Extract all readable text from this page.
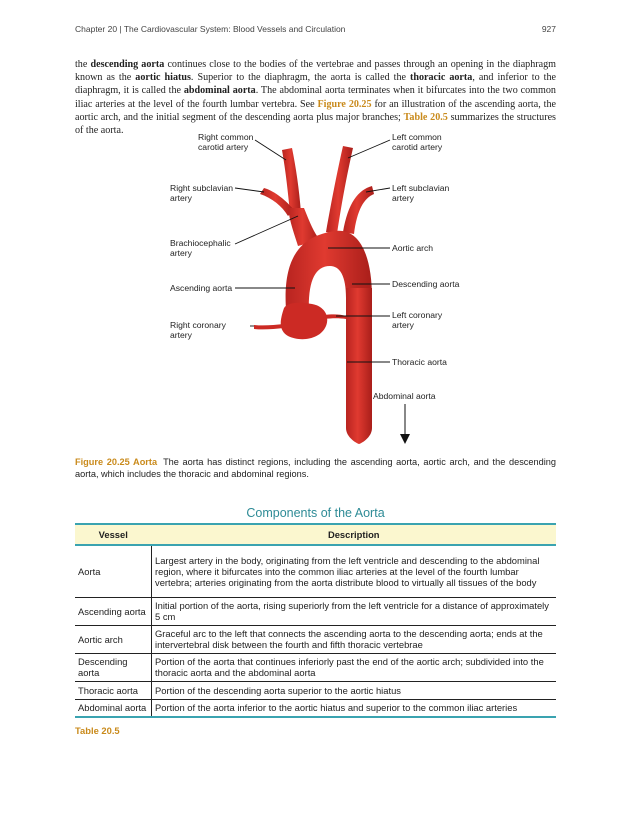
Chapter 20 | The Cardiovascular System: Blood Vessels and Circulation	927

the descending aorta continues close to the bodies of the vertebrae and passes through an opening in the diaphragm known as the aortic hiatus. Superior to the diaphragm, the aorta is called the thoracic aorta, and inferior to the diaphragm, it is called the abdominal aorta. The abdominal aorta terminates when it bifurcates into the two common iliac arteries at the level of the fourth lumbar vertebra. See Figure 20.25 for an illustration of the ascending aorta, the aortic arch, and the initial segment of the descending aorta plus major branches; Table 20.5 summarizes the structures of the aorta.

Right common
carotid artery
Left common
carotid artery
Right subclavian
artery
Left subclavian
artery
Brachiocephalic
artery
Aortic arch
Ascending aorta	Descending aorta
Right coronary
artery
Left coronary
artery
Thoracic aorta
Abdominal aorta

Figure 20.25 Aorta The aorta has distinct regions, including the ascending aorta, aortic arch, and the descending aorta, which includes the thoracic and abdominal regions.

Components of the Aorta
Vessel	Description
Aorta	Largest artery in the body, originating from the left ventricle and descending to the abdominal region, where it bifurcates into the common iliac arteries at the level of the fourth lumbar vertebra; arteries originating from the aorta distribute blood to virtually all tissues of the body
Ascending aorta	Initial portion of the aorta, rising superiorly from the left ventricle for a distance of approximately 5 cm
Aortic arch	Graceful arc to the left that connects the ascending aorta to the descending aorta; ends at the intervertebral disk between the fourth and fifth thoracic vertebrae
Descending aorta	Portion of the aorta that continues inferiorly past the end of the aortic arch; subdivided into the thoracic aorta and the abdominal aorta
Thoracic aorta	Portion of the descending aorta superior to the aortic hiatus
Abdominal aorta	Portion of the aorta inferior to the aortic hiatus and superior to the common iliac arteries
Table 20.5
